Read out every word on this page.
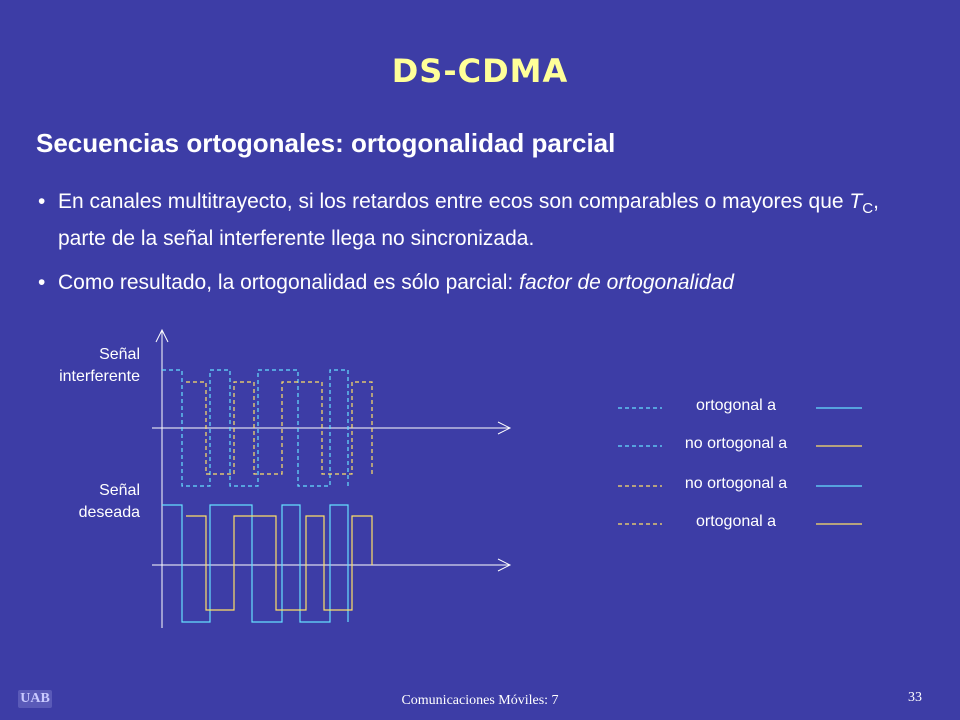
DS-CDMA
Secuencias ortogonales: ortogonalidad parcial
• En canales multitrayecto, si los retardos entre ecos son comparables o mayores que $T_C$, parte de la señal interferente llega no sincronizada.
• Como resultado, la ortogonalidad es sólo parcial: factor de ortogonalidad
Señal
interferente
Señal
deseada
ortogonal a
no ortogonal a
no ortogonal a
ortogonal a
UAB	Comunicaciones Móviles: 7	33
